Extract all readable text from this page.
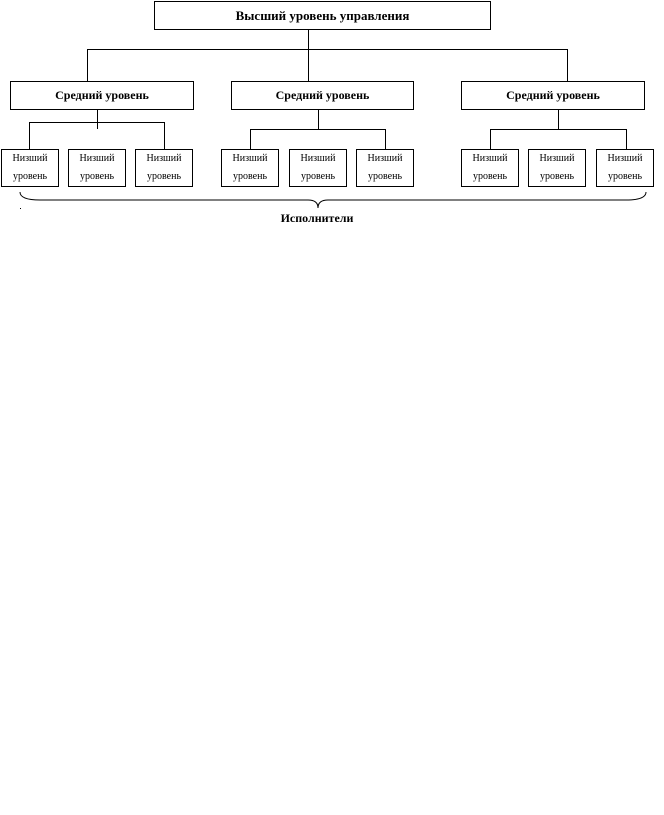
Высший уровень управления
Средний уровень	Средний уровень	Средний уровень
Низший
уровень
Низший
уровень
Низший
уровень
Низший
уровень
Низший
уровень
Низший
уровень
Низший
уровень
Низший
уровень
Низший
уровень
Исполнители
